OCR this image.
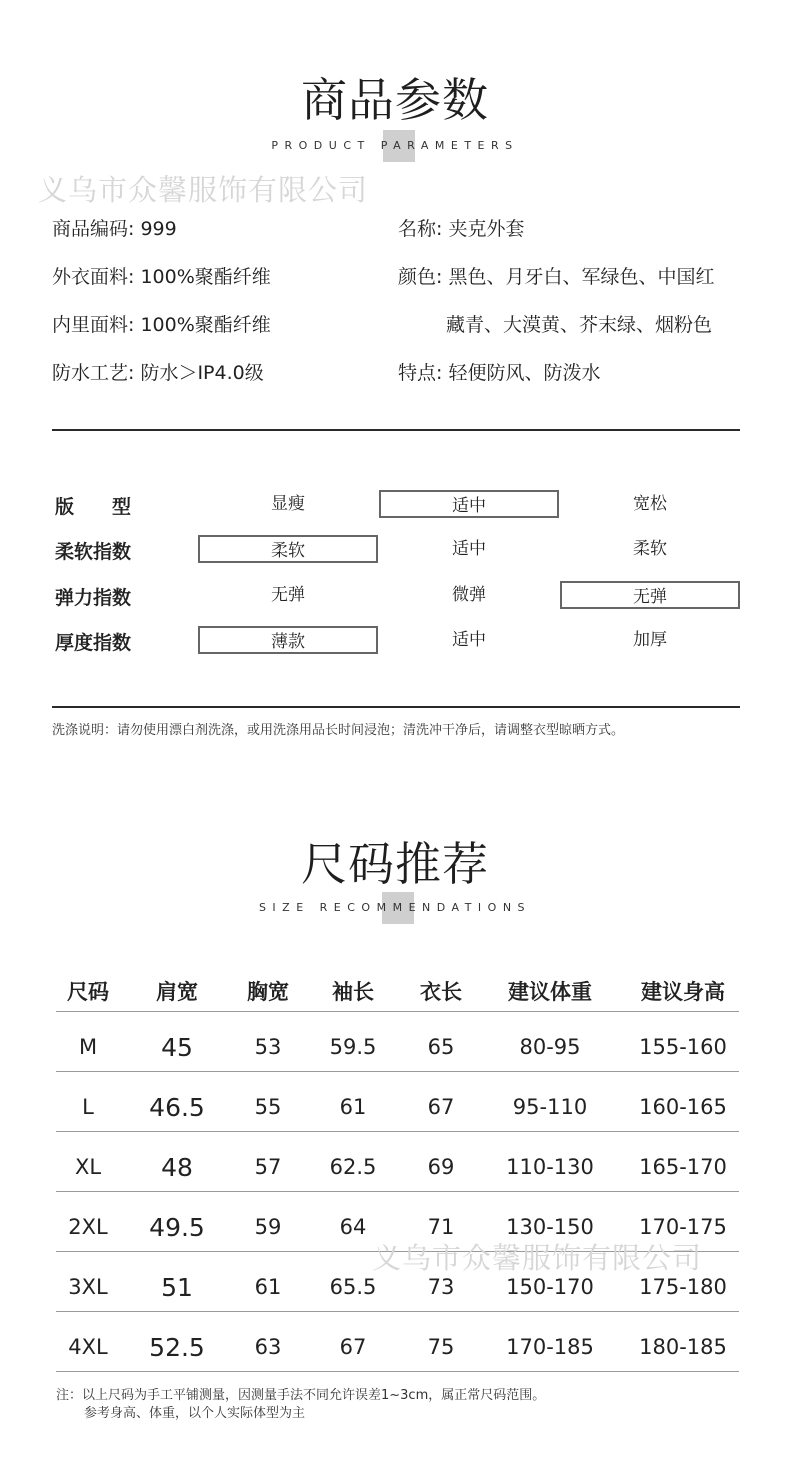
商品参数
PRODUCT PARAMETERS
义乌市众馨服饰有限公司
商品编码: 999	名称: 夹克外套
外衣面料: 100%聚酯纤维	颜色: 黑色、月牙白、军绿色、中国红
内里面料: 100%聚酯纤维	藏青、大漠黄、芥末绿、烟粉色
防水工艺: 防水＞IP4.0级	特点: 轻便防风、防泼水
版　　型	显瘦	适中	宽松
柔软指数	柔软	适中	柔软
弹力指数	无弹	微弹	无弹
厚度指数	薄款	适中	加厚
洗涤说明：请勿使用漂白剂洗涤，或用洗涤用品长时间浸泡；清洗冲干净后，请调整衣型晾晒方式。
尺码推荐
SIZE RECOMMENDATIONS
尺码 肩宽 胸宽 袖长 衣长 建议体重 建议身高
M	45	53 59.5 65	80-95	155-160
L 46.5 55	61	67	95-110 160-165
XL 48	57 62.5 69 110-130 165-170
2XL 49.5 59	64	71 130-150 170-175
3XL 51	61 65.5 73 150-170 175-180
4XL 52.5 63	67	75 170-185 180-185
义乌市众馨服饰有限公司
注：以上尺码为手工平铺测量，因测量手法不同允许误差1~3cm，属正常尺码范围。
参考身高、体重，以个人实际体型为主
